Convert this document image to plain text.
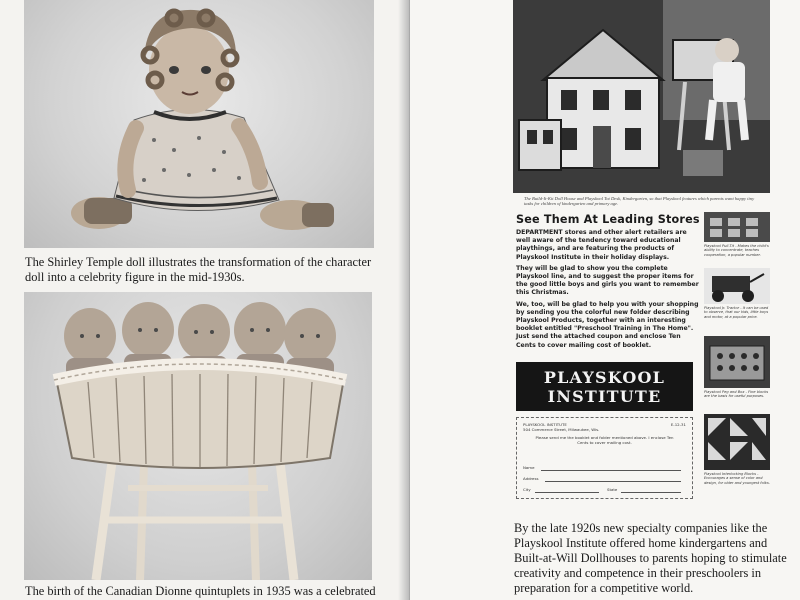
The Shirley Temple doll illustrates the transformation of the character doll into a celebrity figure in the mid-1930s.

The birth of the Canadian Dionne quintuplets in 1935 was a celebrated

The Build-It-Kit Doll House and Playskool Tot Desk, Kindergarten, so that Playskool features which parents want happy tiny tasks for children of kindergarten and primary age.

See Them At Leading Stores

DEPARTMENT stores and other alert retailers are well aware of the tendency toward educational playthings, and are featuring the products of Playskool Institute in their holiday displays.

They will be glad to show you the complete Playskool line, and to suggest the proper items for the good little boys and girls you want to remember this Christmas.

We, too, will be glad to help you with your shopping by sending you the colorful new folder describing Playskool Products, together with an interesting booklet entitled "Preschool Training in The Home". Just send the attached coupon and enclose Ten Cents to cover mailing cost of booklet.

PLAYSKOOL INSTITUTE
504 COMMERCE ST. MILWAUKEE, WIS.
PLAYSKOOL INSTITUTE	E-12-31
504 Commerce Street, Milwaukee, Wis.
Please send me the booklet and folder mentioned above. I enclose Ten Cents to cover mailing cost.
Name
Address
City	State

Playskool Pull-Tit - Makes the child's ability to concentrate, teaches cooperation, a popular number.

Playskool Jr. Tractor - It can be used to observe, that our kids, little boys and motor, at a popular price.

Playskool Peg and Box - Fine blocks are the basis for useful purposes.

Playskool Interlocking Blocks - Encourages a sense of color and design, for older and youngest folks.

By the late 1920s new specialty companies like the Playskool Institute offered home kindergartens and Built-at-Will Dollhouses to parents hoping to stimulate creativity and competence in their preschoolers in preparation for a competitive world.
